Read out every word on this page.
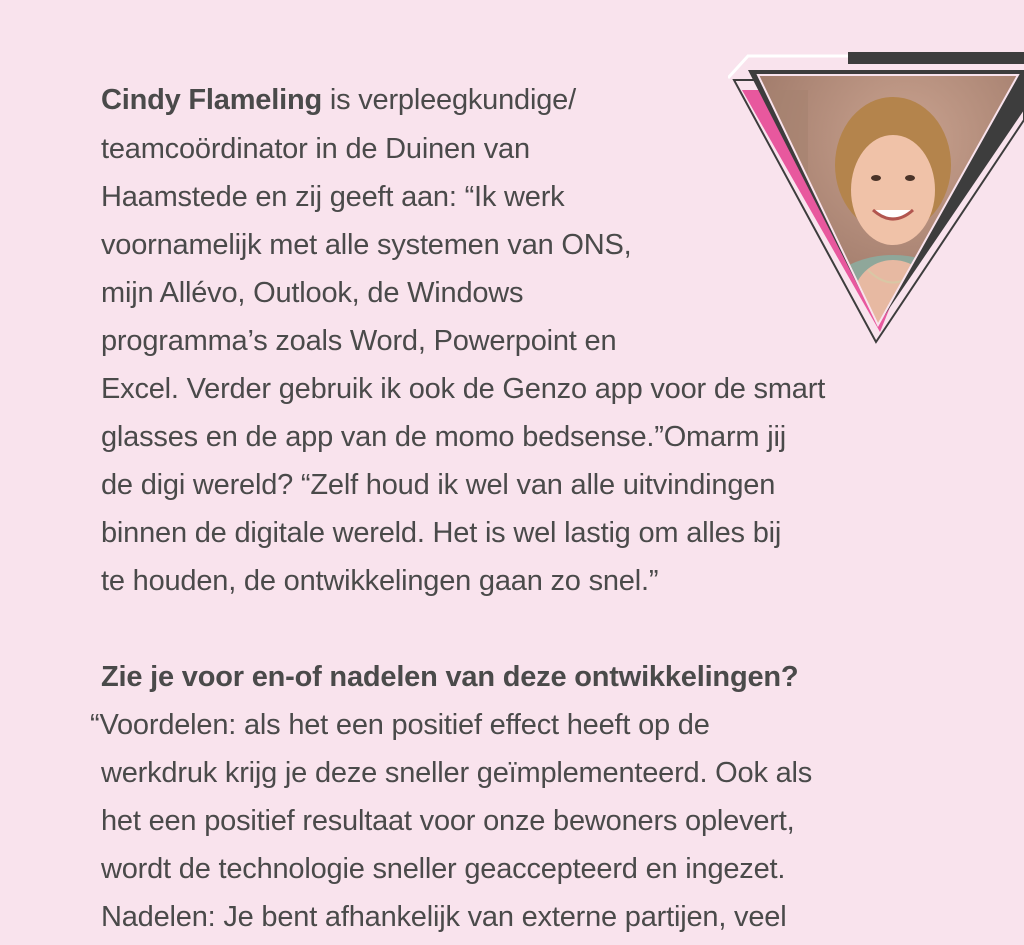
Cindy Flameling is verpleegkundige/
teamcoördinator in de Duinen van
Haamstede en zij geeft aan: “Ik werk
voornamelijk met alle systemen van ONS,
mijn Allévo, Outlook, de Windows
programma’s zoals Word, Powerpoint en
Excel. Verder gebruik ik ook de Genzo app voor de smart
glasses en de app van de momo bedsense.”Omarm jij
de digi wereld? “Zelf houd ik wel van alle uitvindingen
binnen de digitale wereld. Het is wel lastig om alles bij
te houden, de ontwikkelingen gaan zo snel.”
Zie je voor en-of nadelen van deze ontwikkelingen?
“Voordelen: als het een positief effect heeft op de
werkdruk krijg je deze sneller geïmplementeerd. Ook als
het een positief resultaat voor onze bewoners oplevert,
wordt de technologie sneller geaccepteerd en ingezet.
Nadelen: Je bent afhankelijk van externe partijen, veel
